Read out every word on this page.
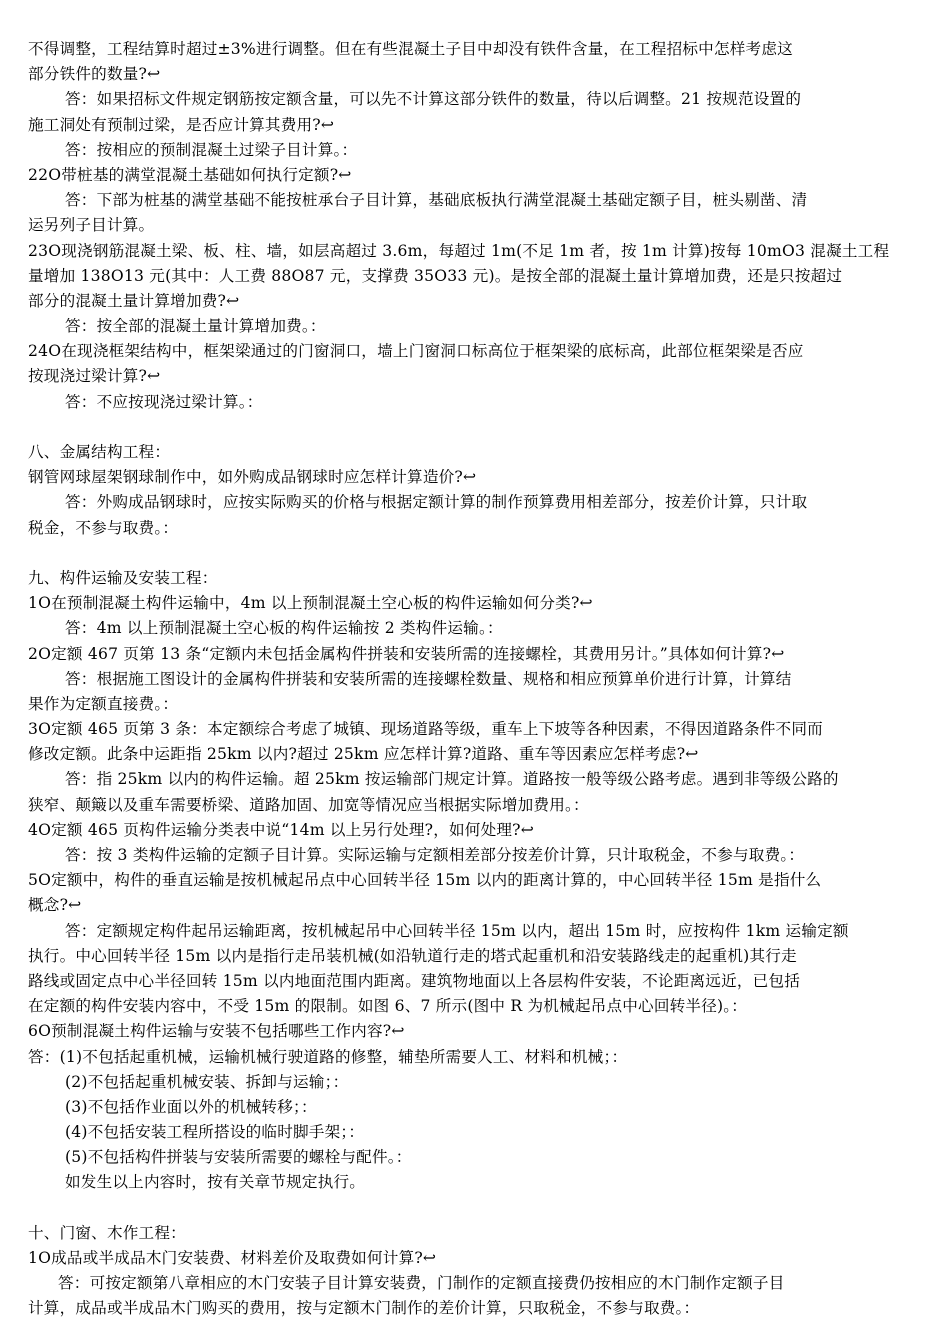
不得调整，工程结算时超过±3%进行调整。但在有些混凝土子目中却没有铁件含量，在工程招标中怎样考虑这
部分铁件的数量?↩
答：如果招标文件规定钢筋按定额含量，可以先不计算这部分铁件的数量，待以后调整。21 按规范设置的
施工洞处有预制过梁，是否应计算其费用?↩
答：按相应的预制混凝土过梁子目计算。：
22O带桩基的满堂混凝土基础如何执行定额?↩
答：下部为桩基的满堂基础不能按桩承台子目计算，基础底板执行满堂混凝土基础定额子目，桩头剔凿、清
运另列子目计算。
23O现浇钢筋混凝土梁、板、柱、墙，如层高超过 3.6m，每超过 1m(不足 1m 者，按 1m 计算)按每 10mO3 混凝土工程
量增加 138O13 元(其中：人工费 88O87 元，支撑费 35O33 元)。是按全部的混凝土量计算增加费，还是只按超过
部分的混凝土量计算增加费?↩
答：按全部的混凝土量计算增加费。：
24O在现浇框架结构中，框架梁通过的门窗洞口，墙上门窗洞口标高位于框架梁的底标高，此部位框架梁是否应
按现浇过梁计算?↩
答：不应按现浇过梁计算。：
八、金属结构工程：
钢管网球屋架钢球制作中，如外购成品钢球时应怎样计算造价?↩
答：外购成品钢球时，应按实际购买的价格与根据定额计算的制作预算费用相差部分，按差价计算，只计取
税金，不参与取费。：
九、构件运输及安装工程：
1O在预制混凝土构件运输中，4m 以上预制混凝土空心板的构件运输如何分类?↩
答：4m 以上预制混凝土空心板的构件运输按 2 类构件运输。：
2O定额 467 页第 13 条“定额内未包括金属构件拼装和安装所需的连接螺栓，其费用另计。”具体如何计算?↩
答：根据施工图设计的金属构件拼装和安装所需的连接螺栓数量、规格和相应预算单价进行计算，计算结
果作为定额直接费。：
3O定额 465 页第 3 条：本定额综合考虑了城镇、现场道路等级，重车上下坡等各种因素，不得因道路条件不同而
修改定额。此条中运距指 25km 以内?超过 25km 应怎样计算?道路、重车等因素应怎样考虑?↩
答：指 25km 以内的构件运输。超 25km 按运输部门规定计算。道路按一般等级公路考虑。遇到非等级公路的
狭窄、颠簸以及重车需要桥梁、道路加固、加宽等情况应当根据实际增加费用。：
4O定额 465 页构件运输分类表中说“14m 以上另行处理?，如何处理?↩
答：按 3 类构件运输的定额子目计算。实际运输与定额相差部分按差价计算，只计取税金，不参与取费。：
5O定额中，构件的垂直运输是按机械起吊点中心回转半径 15m 以内的距离计算的，中心回转半径 15m 是指什么
概念?↩
答：定额规定构件起吊运输距离，按机械起吊中心回转半径 15m 以内，超出 15m 时，应按构件 1km 运输定额
执行。中心回转半径 15m 以内是指行走吊装机械(如沿轨道行走的塔式起重机和沿安装路线走的起重机)其行走
路线或固定点中心半径回转 15m 以内地面范围内距离。建筑物地面以上各层构件安装，不论距离远近，已包括
在定额的构件安装内容中，不受 15m 的限制。如图 6、7 所示(图中 R 为机械起吊点中心回转半径)。：
6O预制混凝土构件运输与安装不包括哪些工作内容?↩
答：(1)不包括起重机械，运输机械行驶道路的修整，辅垫所需要人工、材料和机械；：
(2)不包括起重机械安装、拆卸与运输；：
(3)不包括作业面以外的机械转移；：
(4)不包括安装工程所搭设的临时脚手架；：
(5)不包括构件拼装与安装所需要的螺栓与配件。：
如发生以上内容时，按有关章节规定执行。
十、门窗、木作工程：
1O成品或半成品木门安装费、材料差价及取费如何计算?↩
答：可按定额第八章相应的木门安装子目计算安装费，门制作的定额直接费仍按相应的木门制作定额子目
计算，成品或半成品木门购买的费用，按与定额木门制作的差价计算，只取税金，不参与取费。：
